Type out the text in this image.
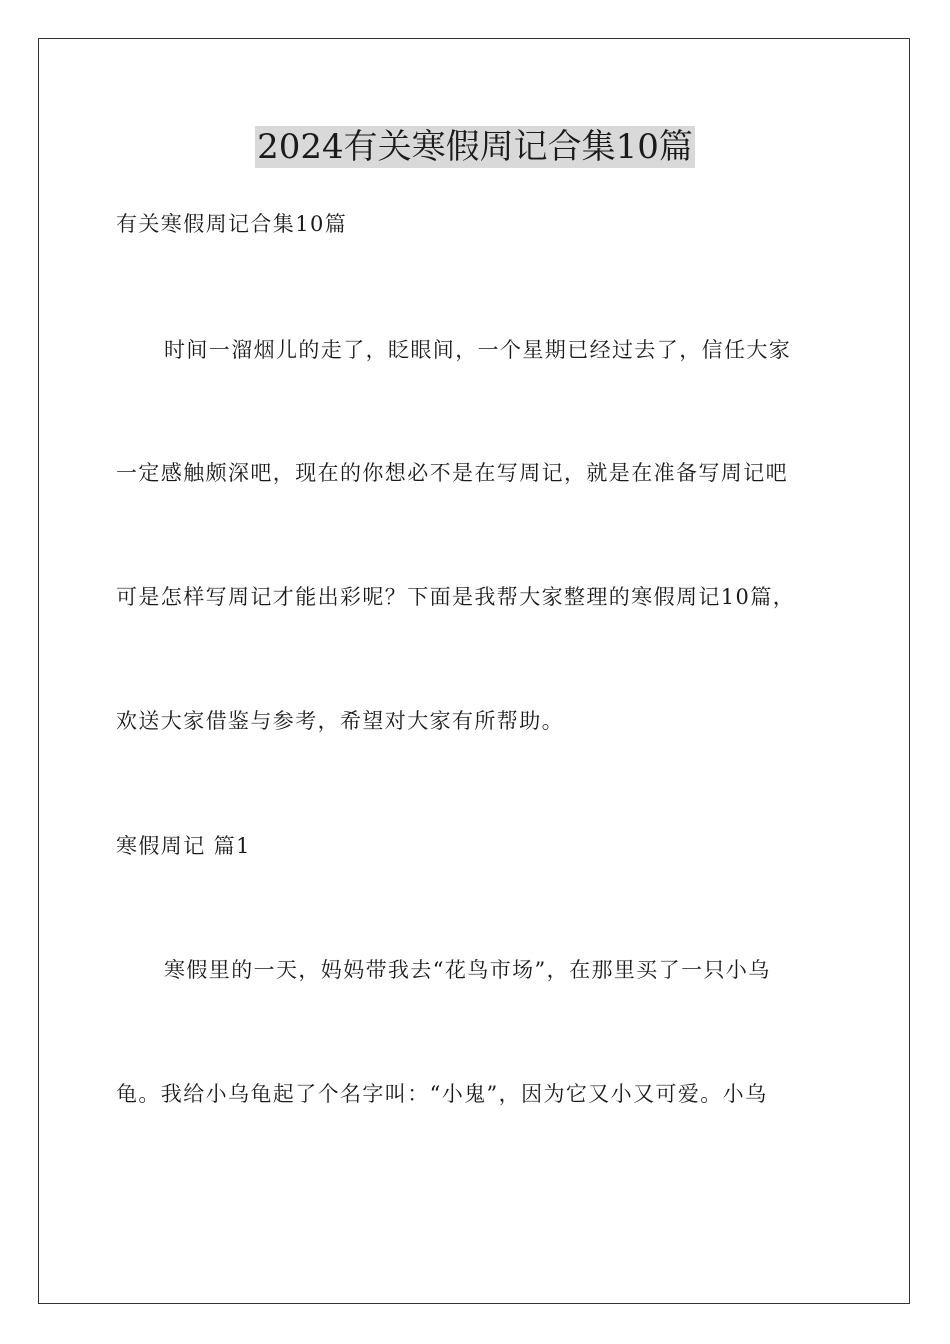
2024有关寒假周记合集10篇
有关寒假周记合集10篇
时间一溜烟儿的走了，眨眼间，一个星期已经过去了，信任大家
一定感触颇深吧，现在的你想必不是在写周记，就是在准备写周记吧
可是怎样写周记才能出彩呢？下面是我帮大家整理的寒假周记10篇，
欢送大家借鉴与参考，希望对大家有所帮助。
寒假周记 篇1
寒假里的一天，妈妈带我去“花鸟市场”，在那里买了一只小乌
龟。我给小乌龟起了个名字叫：“小鬼”，因为它又小又可爱。小乌
